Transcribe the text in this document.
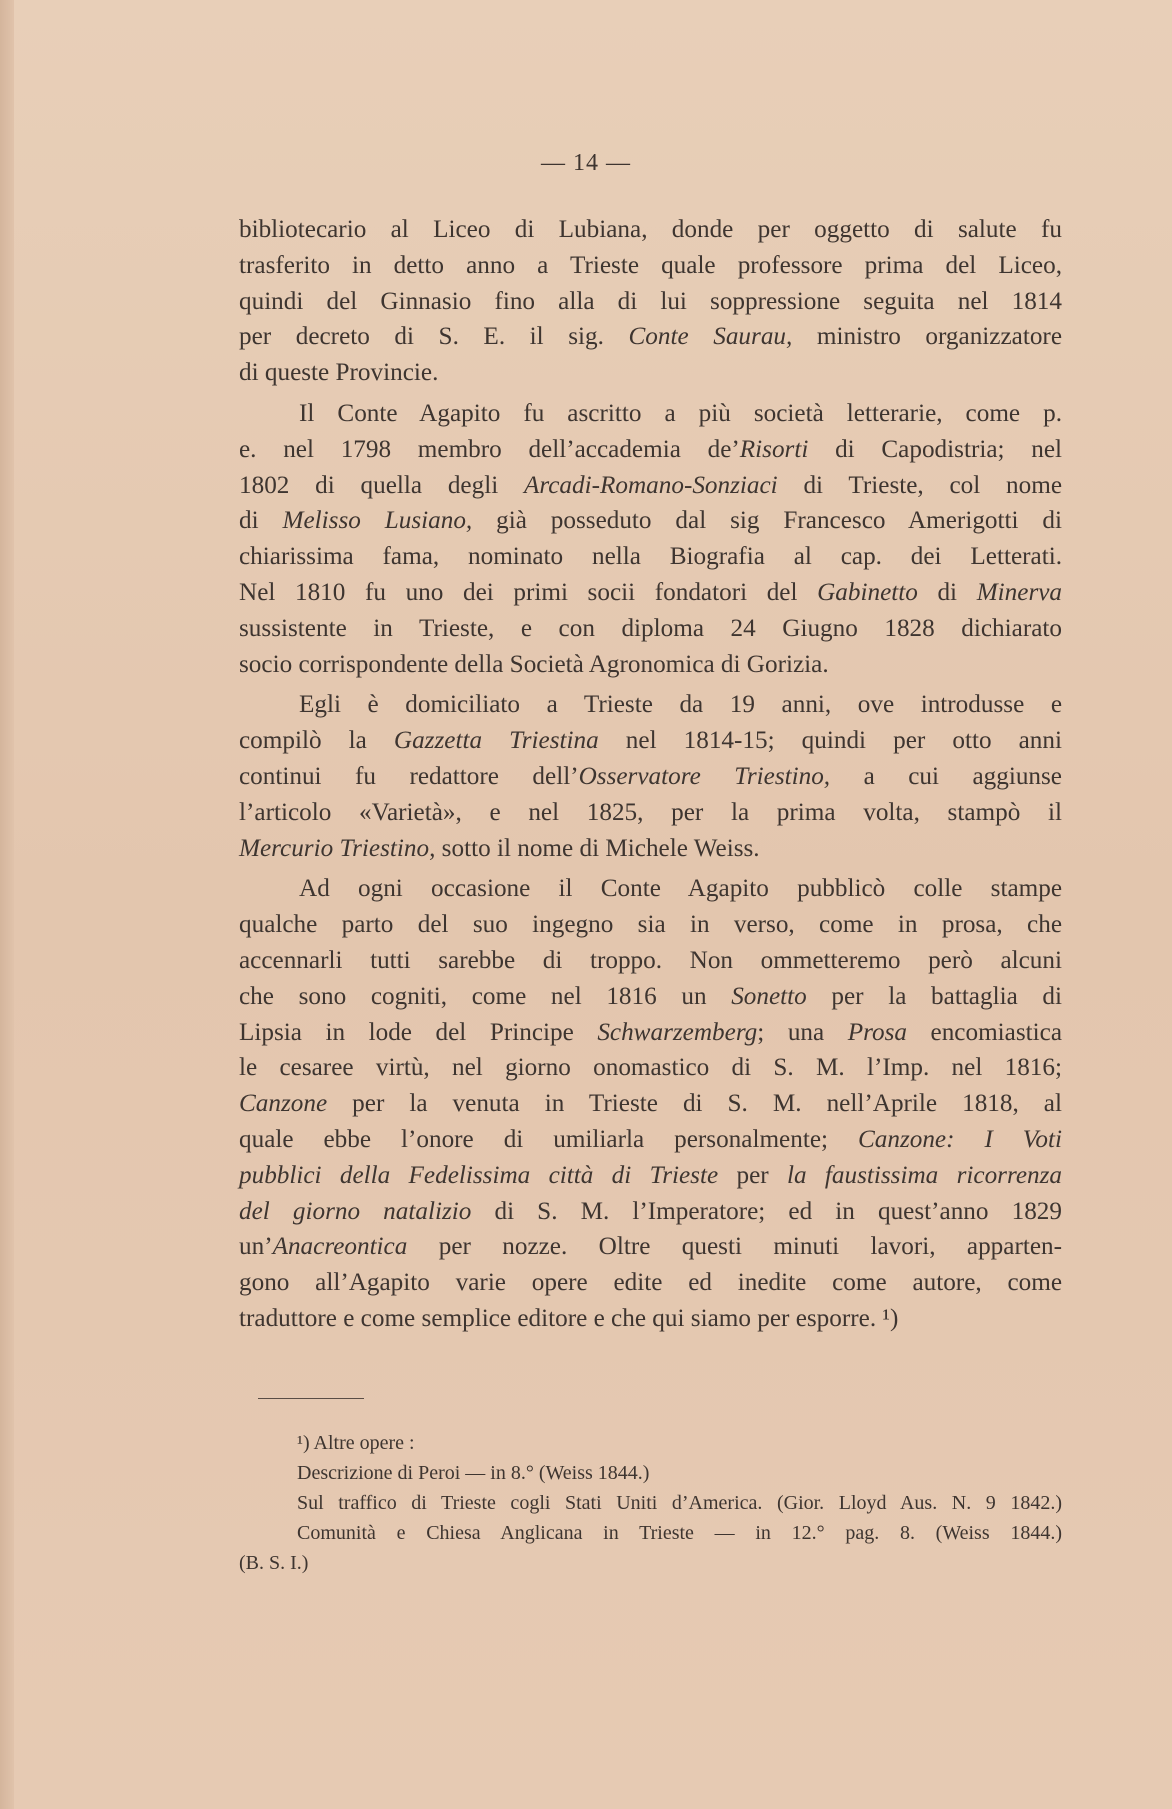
— 14 —

bibliotecario al Liceo di Lubiana, donde per oggetto di salute fu
trasferito in detto anno a Trieste quale professore prima del Liceo,
quindi del Ginnasio fino alla di lui soppressione seguita nel 1814
per decreto di S. E. il sig. Conte Saurau, ministro organizzatore
di queste Provincie.

Il Conte Agapito fu ascritto a più società letterarie, come p.
e. nel 1798 membro dell’accademia de’Risorti di Capodistria; nel
1802 di quella degli Arcadi-Romano-Sonziaci di Trieste, col nome
di Melisso Lusiano, già posseduto dal sig Francesco Amerigotti di
chiarissima fama, nominato nella Biografia al cap. dei Letterati.
Nel 1810 fu uno dei primi socii fondatori del Gabinetto di Minerva
sussistente in Trieste, e con diploma 24 Giugno 1828 dichiarato
socio corrispondente della Società Agronomica di Gorizia.

Egli è domiciliato a Trieste da 19 anni, ove introdusse e
compilò la Gazzetta Triestina nel 1814-15; quindi per otto anni
continui fu redattore dell’Osservatore Triestino, a cui aggiunse
l’articolo «Varietà», e nel 1825, per la prima volta, stampò il
Mercurio Triestino, sotto il nome di Michele Weiss.

Ad ogni occasione il Conte Agapito pubblicò colle stampe
qualche parto del suo ingegno sia in verso, come in prosa, che
accennarli tutti sarebbe di troppo. Non ommetteremo però alcuni
che sono cogniti, come nel 1816 un Sonetto per la battaglia di
Lipsia in lode del Principe Schwarzemberg; una Prosa encomiastica
le cesaree virtù, nel giorno onomastico di S. M. l’Imp. nel 1816;
Canzone per la venuta in Trieste di S. M. nell’Aprile 1818, al
quale ebbe l’onore di umiliarla personalmente; Canzone: I Voti
pubblici della Fedelissima città di Trieste per la faustissima ricorrenza
del giorno natalizio di S. M. l’Imperatore; ed in quest’anno 1829
un’Anacreontica per nozze. Oltre questi minuti lavori, apparten-
gono all’Agapito varie opere edite ed inedite come autore, come
traduttore e come semplice editore e che qui siamo per esporre. ¹)

¹) Altre opere :
Descrizione di Peroi — in 8.° (Weiss 1844.)
Sul traffico di Trieste cogli Stati Uniti d’America. (Gior. Lloyd Aus. N. 9 1842.)
Comunità e Chiesa Anglicana in Trieste — in 12.° pag. 8. (Weiss 1844.)
(B. S. I.)
